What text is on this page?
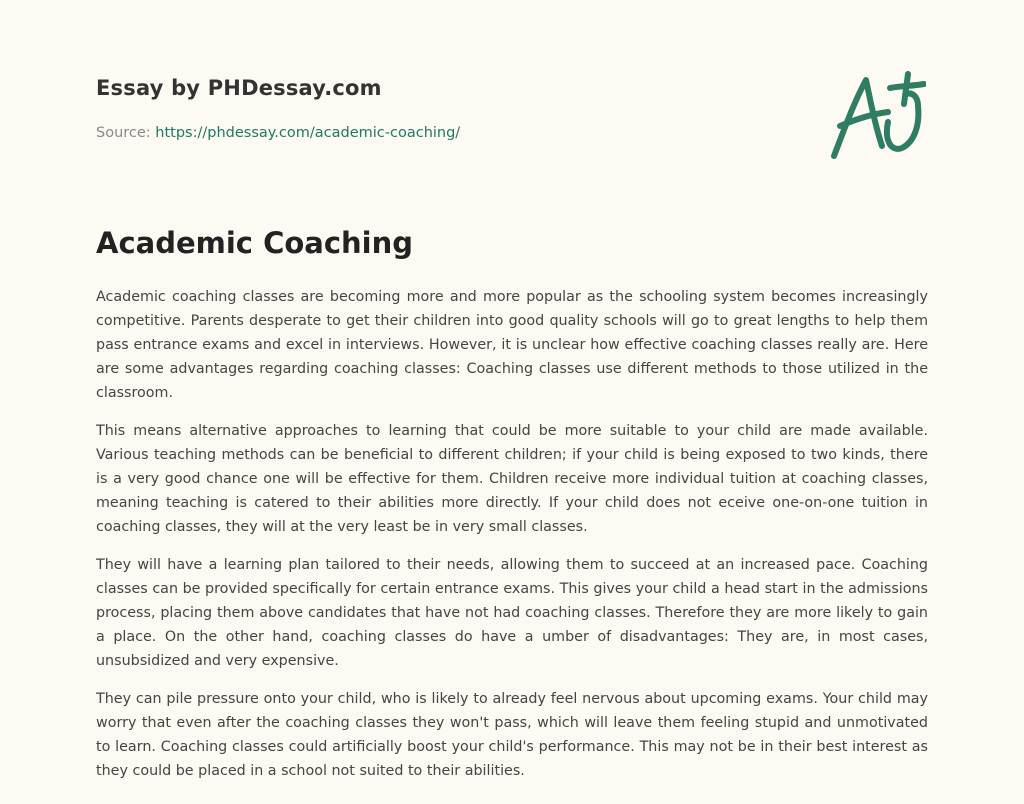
Essay by PHDessay.com
Source: https://phdessay.com/academic-coaching/
Academic Coaching

Academic coaching classes are becoming more and more popular as the schooling system becomes increasingly competitive. Parents desperate to get their children into good quality schools will go to great lengths to help them pass entrance exams and excel in interviews. However, it is unclear how effective coaching classes really are. Here are some advantages regarding coaching classes: Coaching classes use different methods to those utilized in the classroom.

This means alternative approaches to learning that could be more suitable to your child are made available. Various teaching methods can be beneficial to different children; if your child is being exposed to two kinds, there is a very good chance one will be effective for them. Children receive more individual tuition at coaching classes, meaning teaching is catered to their abilities more directly. If your child does not eceive one-on-one tuition in coaching classes, they will at the very least be in very small classes.

They will have a learning plan tailored to their needs, allowing them to succeed at an increased pace. Coaching classes can be provided specifically for certain entrance exams. This gives your child a head start in the admissions process, placing them above candidates that have not had coaching classes. Therefore they are more likely to gain a place. On the other hand, coaching classes do have a umber of disadvantages: They are, in most cases, unsubsidized and very expensive.

They can pile pressure onto your child, who is likely to already feel nervous about upcoming exams. Your child may worry that even after the coaching classes they won't pass, which will leave them feeling stupid and unmotivated to learn. Coaching classes could artificially boost your child's performance. This may not be in their best interest as they could be placed in a school not suited to their abilities.
